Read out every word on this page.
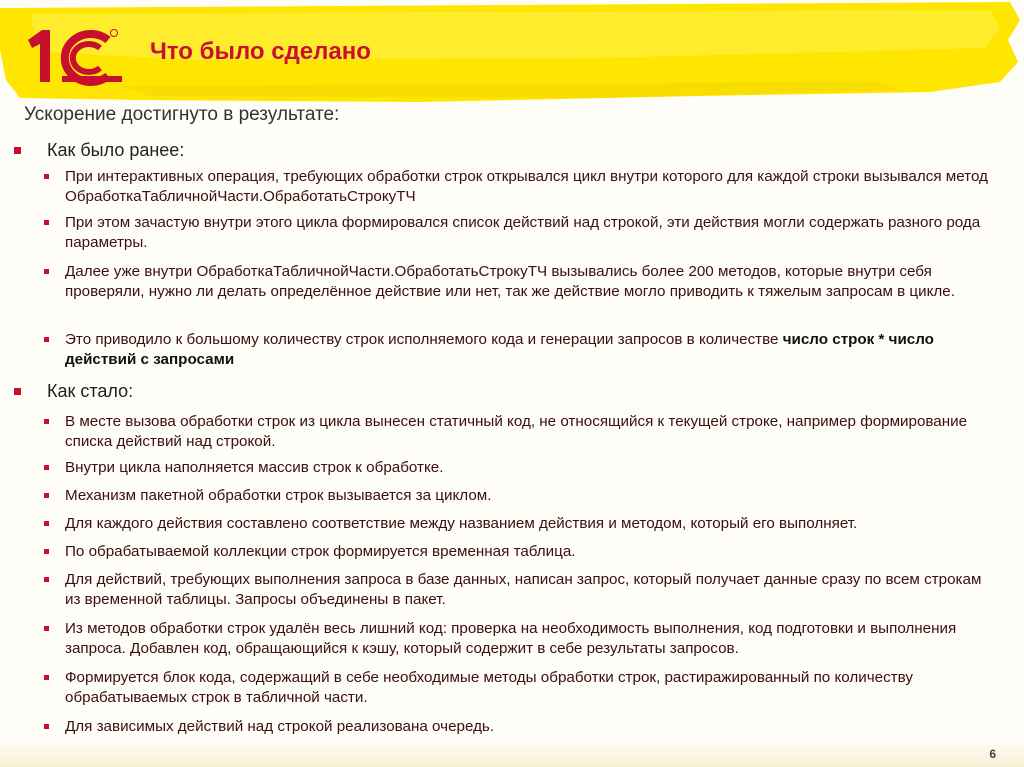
Что было сделано
Ускорение достигнуто в результате:
Как было ранее:
При интерактивных операция, требующих обработки строк открывался цикл внутри которого для каждой строки вызывался метод ОбработкаТабличнойЧасти.ОбработатьСтрокуТЧ
При этом зачастую внутри этого цикла формировался список действий над строкой, эти действия могли содержать разного рода параметры.
Далее уже внутри ОбработкаТабличнойЧасти.ОбработатьСтрокуТЧ вызывались более 200 методов, которые внутри себя проверяли, нужно ли делать определённое действие или нет, так же действие могло приводить к тяжелым запросам в цикле.
Это приводило к большому количеству строк исполняемого кода и генерации запросов в количестве число строк * число действий с запросами
Как стало:
В месте вызова обработки строк из цикла вынесен статичный код, не относящийся к текущей строке, например формирование списка действий над строкой.
Внутри цикла наполняется массив строк к обработке.
Механизм пакетной обработки строк вызывается за циклом.
Для каждого действия составлено соответствие между названием действия и методом, который его выполняет.
По обрабатываемой коллекции строк формируется временная таблица.
Для действий, требующих выполнения запроса в базе данных, написан запрос, который получает данные сразу по всем строкам из временной таблицы. Запросы объединены в пакет.
Из методов обработки строк удалён весь лишний код: проверка на необходимость выполнения, код подготовки и выполнения запроса. Добавлен код, обращающийся к кэшу, который содержит в себе результаты запросов.
Формируется блок кода, содержащий в себе необходимые методы обработки строк, растиражированный по количеству обрабатываемых строк в табличной части.
Для зависимых действий над строкой реализована очередь.
6
